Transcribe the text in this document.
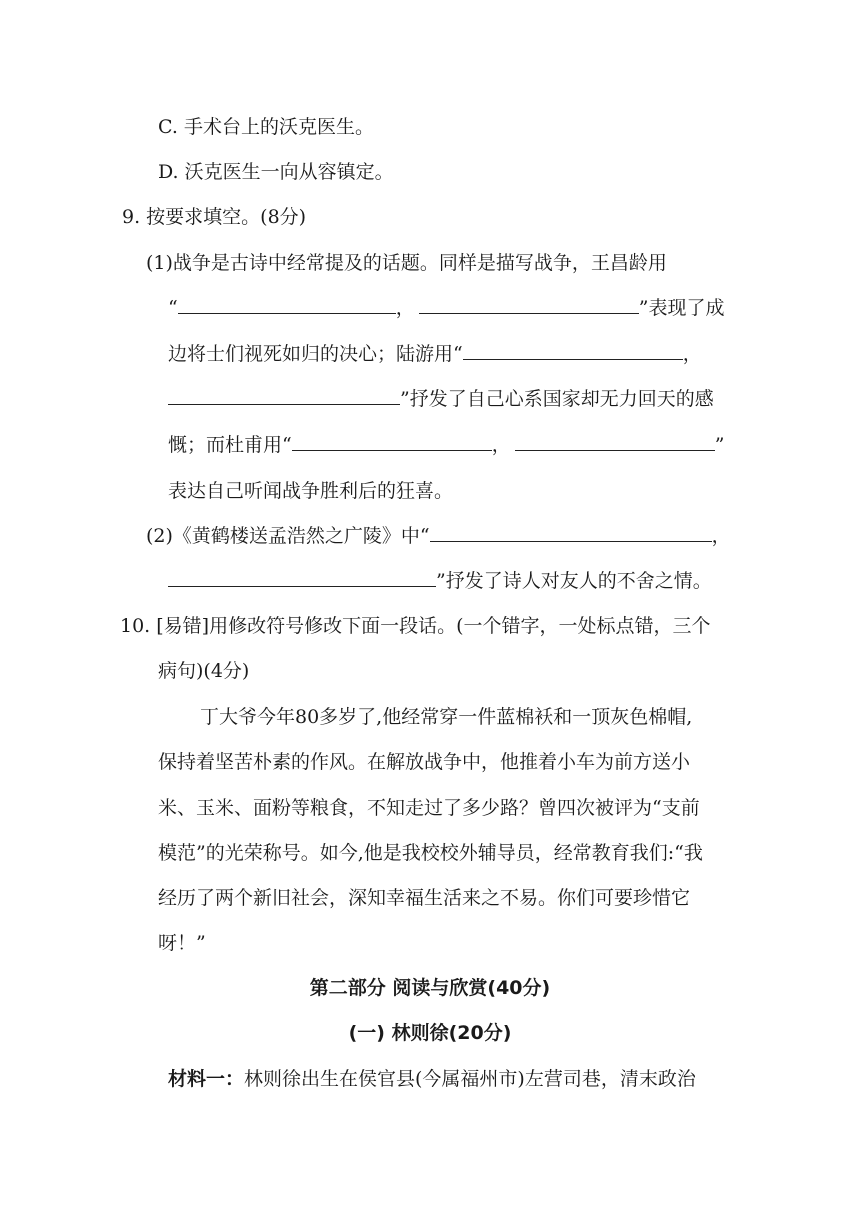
C. 手术台上的沃克医生。
D. 沃克医生一向从容镇定。
9. 按要求填空。(8分)
(1)战争是古诗中经常提及的话题。同样是描写战争，王昌龄用
“	，	”表现了成
边将士们视死如归的决心；陆游用“	，
”抒发了自己心系国家却无力回天的感
慨；而杜甫用“	，	”
表达自己听闻战争胜利后的狂喜。
(2)《黄鹤楼送孟浩然之广陵》中“	，
”抒发了诗人对友人的不舍之情。
10. [易错]用修改符号修改下面一段话。(一个错字，一处标点错，三个
病句)(4分)
丁大爷今年80多岁了,他经常穿一件蓝棉袄和一顶灰色棉帽,
保持着坚苦朴素的作风。在解放战争中，他推着小车为前方送小
米、玉米、面粉等粮食，不知走过了多少路？曾四次被评为“支前
模范”的光荣称号。如今,他是我校校外辅导员，经常教育我们:“我
经历了两个新旧社会，深知幸福生活来之不易。你们可要珍惜它
呀！”
第二部分 阅读与欣赏(40分)
(一) 林则徐(20分)
材料一：林则徐出生在侯官县(今属福州市)左营司巷，清末政治
